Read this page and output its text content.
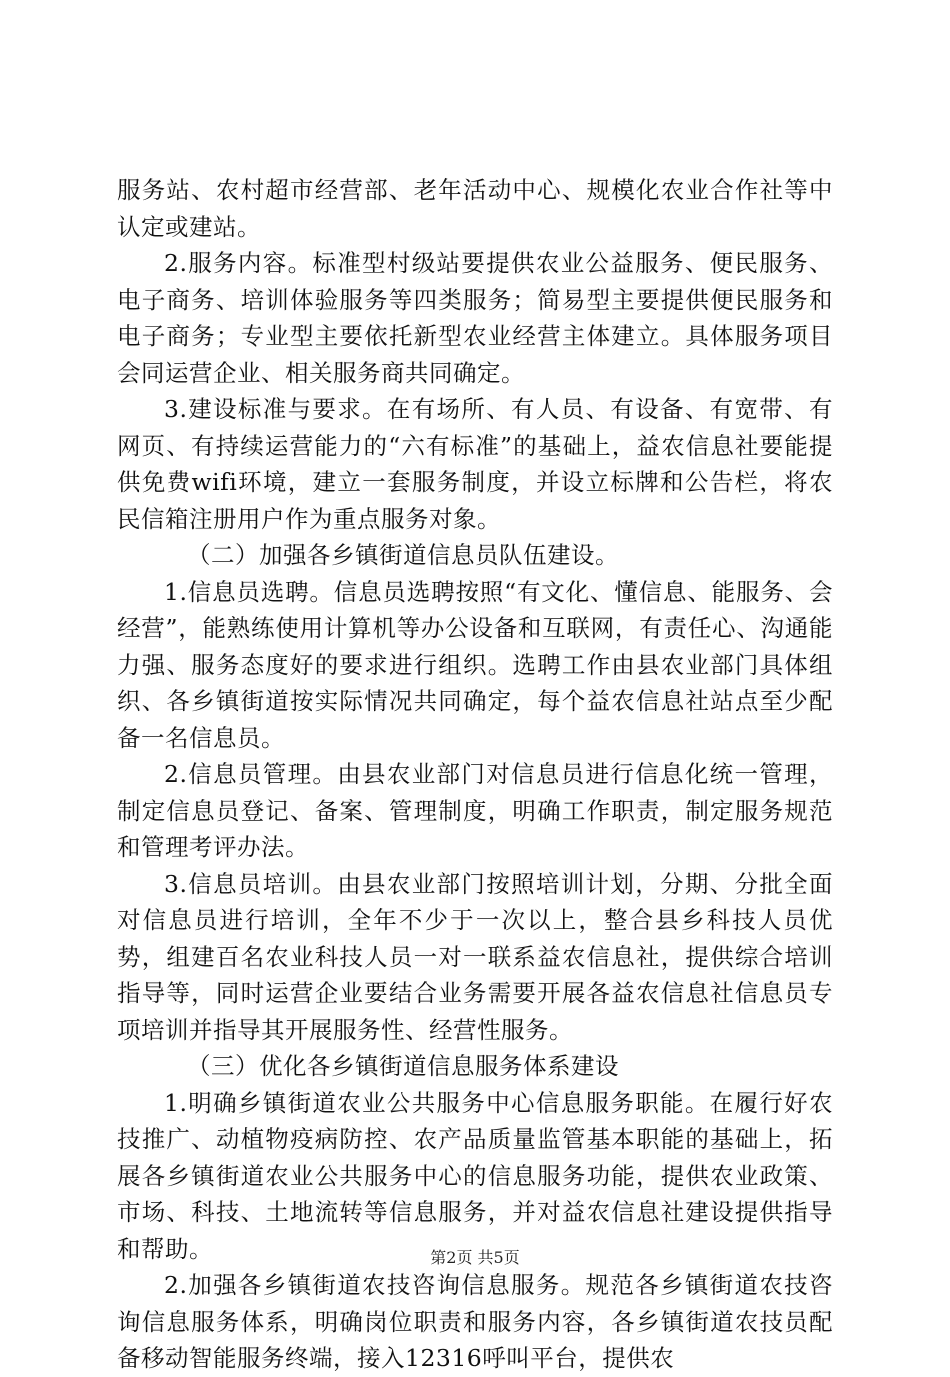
服务站、农村超市经营部、老年活动中心、规模化农业合作社等中认定或建站。

2.服务内容。标准型村级站要提供农业公益服务、便民服务、电子商务、培训体验服务等四类服务；简易型主要提供便民服务和电子商务；专业型主要依托新型农业经营主体建立。具体服务项目会同运营企业、相关服务商共同确定。

3.建设标准与要求。在有场所、有人员、有设备、有宽带、有网页、有持续运营能力的“六有标准”的基础上，益农信息社要能提供免费wifi环境，建立一套服务制度，并设立标牌和公告栏，将农民信箱注册用户作为重点服务对象。

（二）加强各乡镇街道信息员队伍建设。

1.信息员选聘。信息员选聘按照“有文化、懂信息、能服务、会经营”，能熟练使用计算机等办公设备和互联网，有责任心、沟通能力强、服务态度好的要求进行组织。选聘工作由县农业部门具体组织、各乡镇街道按实际情况共同确定，每个益农信息社站点至少配备一名信息员。

2.信息员管理。由县农业部门对信息员进行信息化统一管理，制定信息员登记、备案、管理制度，明确工作职责，制定服务规范和管理考评办法。

3.信息员培训。由县农业部门按照培训计划，分期、分批全面对信息员进行培训，全年不少于一次以上，整合县乡科技人员优势，组建百名农业科技人员一对一联系益农信息社，提供综合培训指导等，同时运营企业要结合业务需要开展各益农信息社信息员专项培训并指导其开展服务性、经营性服务。

（三）优化各乡镇街道信息服务体系建设

1.明确乡镇街道农业公共服务中心信息服务职能。在履行好农技推广、动植物疫病防控、农产品质量监管基本职能的基础上，拓展各乡镇街道农业公共服务中心的信息服务功能，提供农业政策、市场、科技、土地流转等信息服务，并对益农信息社建设提供指导和帮助。

2.加强各乡镇街道农技咨询信息服务。规范各乡镇街道农技咨询信息服务体系，明确岗位职责和服务内容，各乡镇街道农技员配备移动智能服务终端，接入12316呼叫平台，提供农

第2页 共5页
